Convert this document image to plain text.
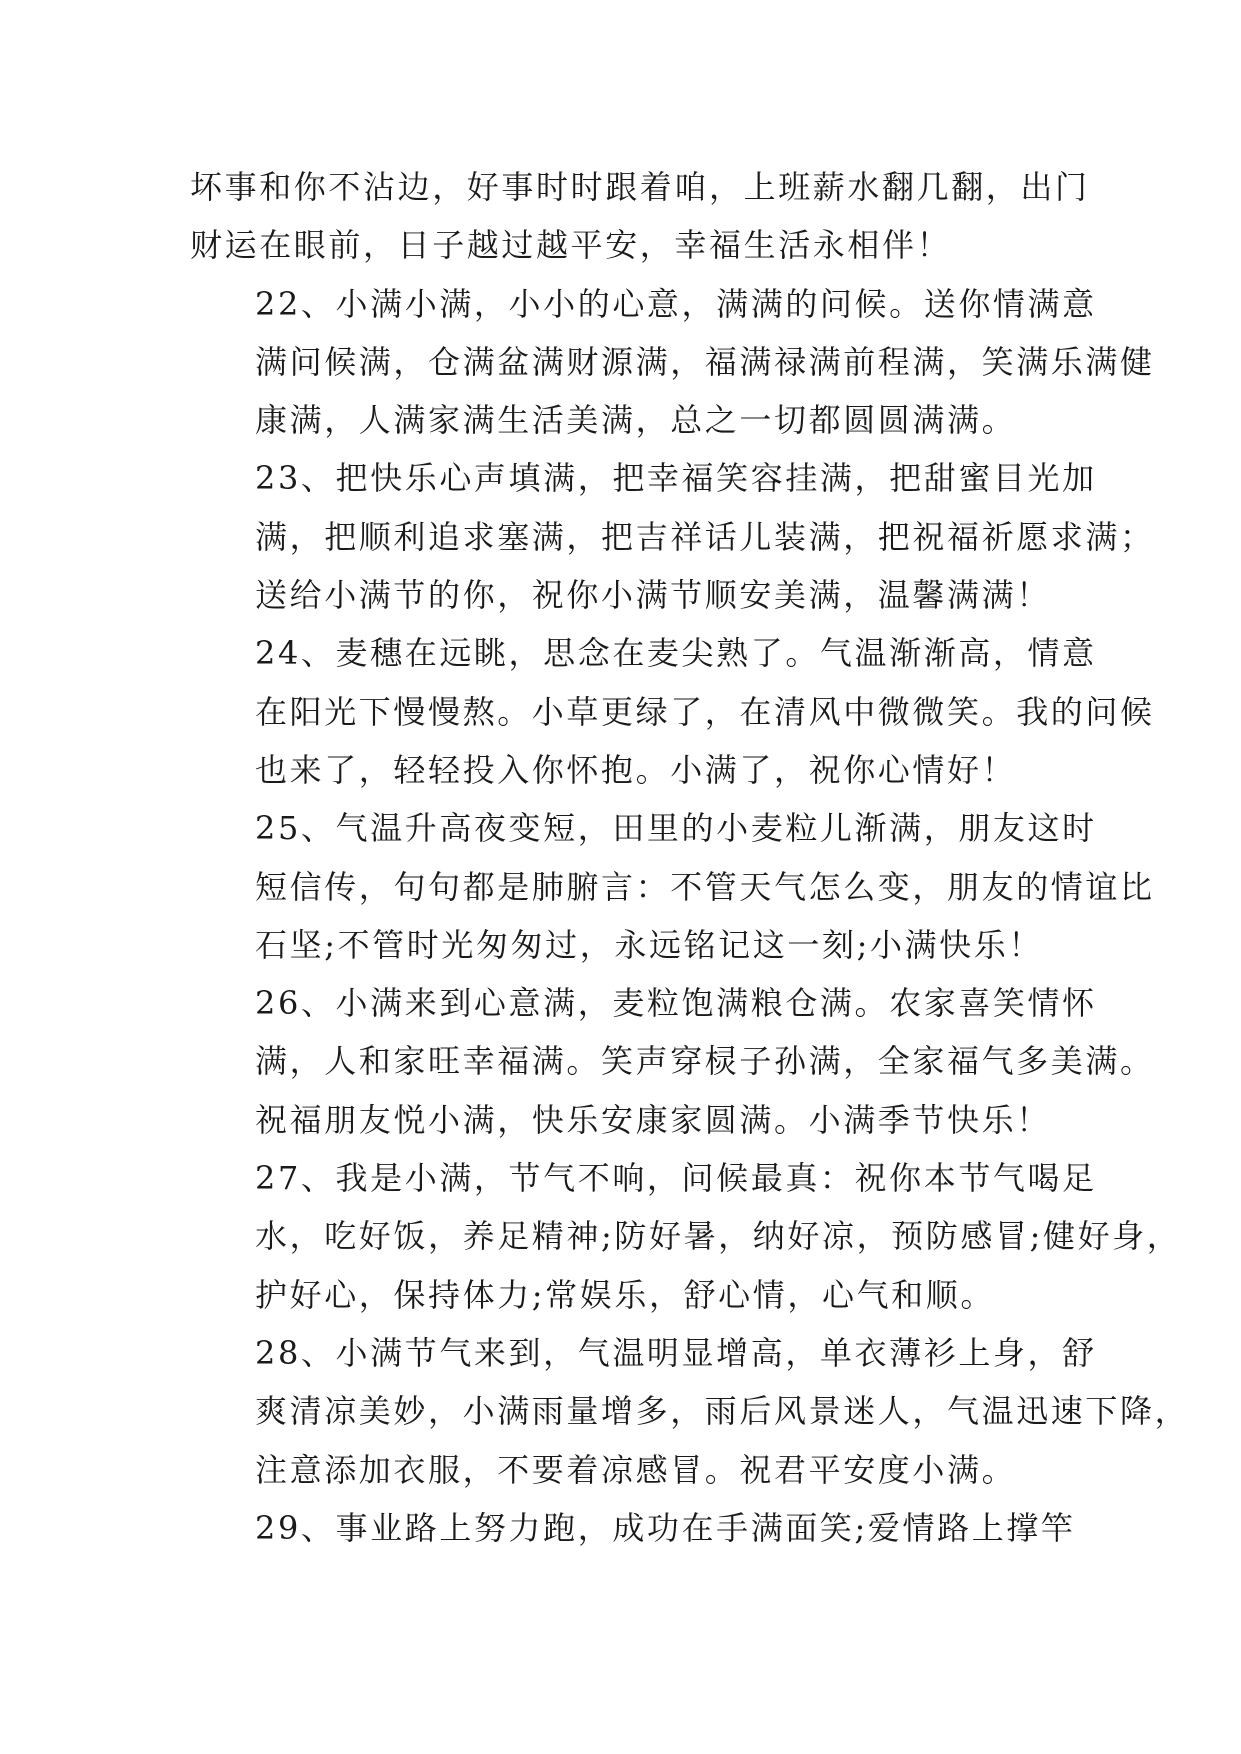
坏事和你不沾边，好事时时跟着咱，上班薪水翻几翻，出门
财运在眼前，日子越过越平安，幸福生活永相伴！

22、小满小满，小小的心意，满满的问候。送你情满意
满问候满，仓满盆满财源满，福满禄满前程满，笑满乐满健
康满，人满家满生活美满，总之一切都圆圆满满。

23、把快乐心声填满，把幸福笑容挂满，把甜蜜目光加
满，把顺利追求塞满，把吉祥话儿装满，把祝福祈愿求满；
送给小满节的你，祝你小满节顺安美满，温馨满满！

24、麦穗在远眺，思念在麦尖熟了。气温渐渐高，情意
在阳光下慢慢熬。小草更绿了，在清风中微微笑。我的问候
也来了，轻轻投入你怀抱。小满了，祝你心情好！

25、气温升高夜变短，田里的小麦粒儿渐满，朋友这时
短信传，句句都是肺腑言：不管天气怎么变，朋友的情谊比
石坚;不管时光匆匆过，永远铭记这一刻;小满快乐！

26、小满来到心意满，麦粒饱满粮仓满。农家喜笑情怀
满，人和家旺幸福满。笑声穿棂子孙满，全家福气多美满。
祝福朋友悦小满，快乐安康家圆满。小满季节快乐！

27、我是小满，节气不响，问候最真：祝你本节气喝足
水，吃好饭，养足精神;防好暑，纳好凉，预防感冒;健好身，
护好心，保持体力;常娱乐，舒心情，心气和顺。

28、小满节气来到，气温明显增高，单衣薄衫上身，舒
爽清凉美妙，小满雨量增多，雨后风景迷人，气温迅速下降，
注意添加衣服，不要着凉感冒。祝君平安度小满。

29、事业路上努力跑，成功在手满面笑;爱情路上撑竿
